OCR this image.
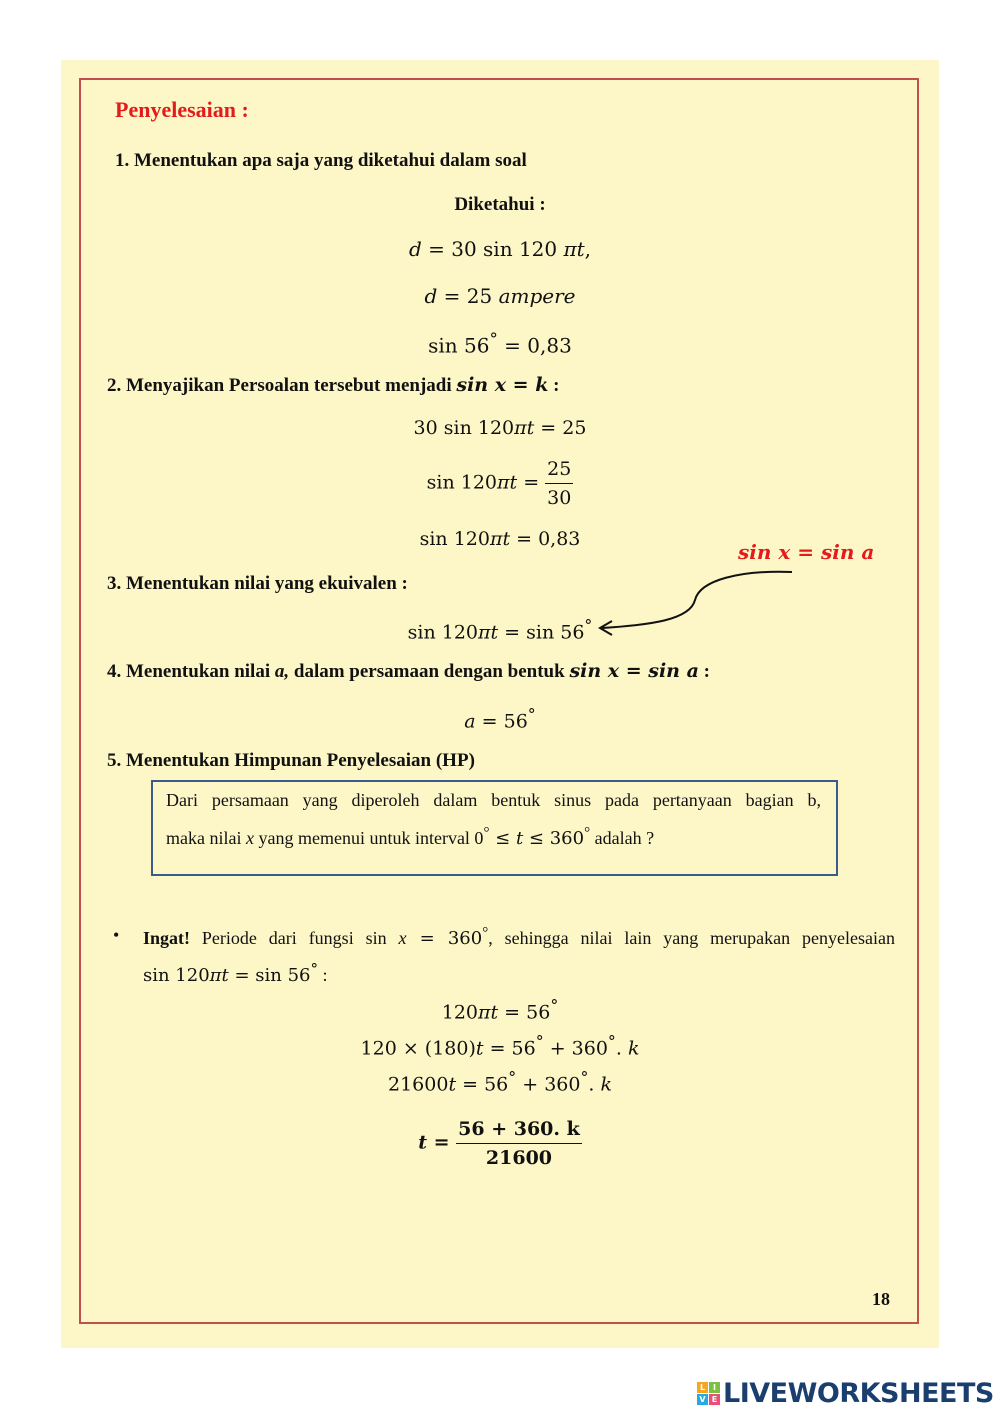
Penyelesaian :
1. Menentukan apa saja yang diketahui dalam soal
Diketahui :
d = 30 sin 120 πt,
d = 25 ampere
sin 56° = 0,83
2. Menyajikan Persoalan tersebut menjadi sin x = k :
30 sin 120πt = 25
$\sin 120\pi t = \frac{25}{30}$
sin 120πt = 0,83
sin x = sin a
3. Menentukan nilai yang ekuivalen :
sin 120πt = sin 56°
4. Menentukan nilai a, dalam persamaan dengan bentuk sin x = sin a :
a = 56°
5. Menentukan Himpunan Penyelesaian (HP)
Dari persamaan yang diperoleh dalam bentuk sinus pada pertanyaan bagian b,
maka nilai x yang memenui untuk interval 0° ≤ t ≤ 360° adalah ?
• Ingat! Periode dari fungsi sin x = 360°, sehingga nilai lain yang merupakan penyelesaian
sin 120πt = sin 56° :
120πt = 56°
120 × (180)t = 56° + 360°. k
21600t = 56° + 360°. k
$t = \frac{56 + 360. k}{21600}$
18
L I
V E LIVEWORKSHEETS
